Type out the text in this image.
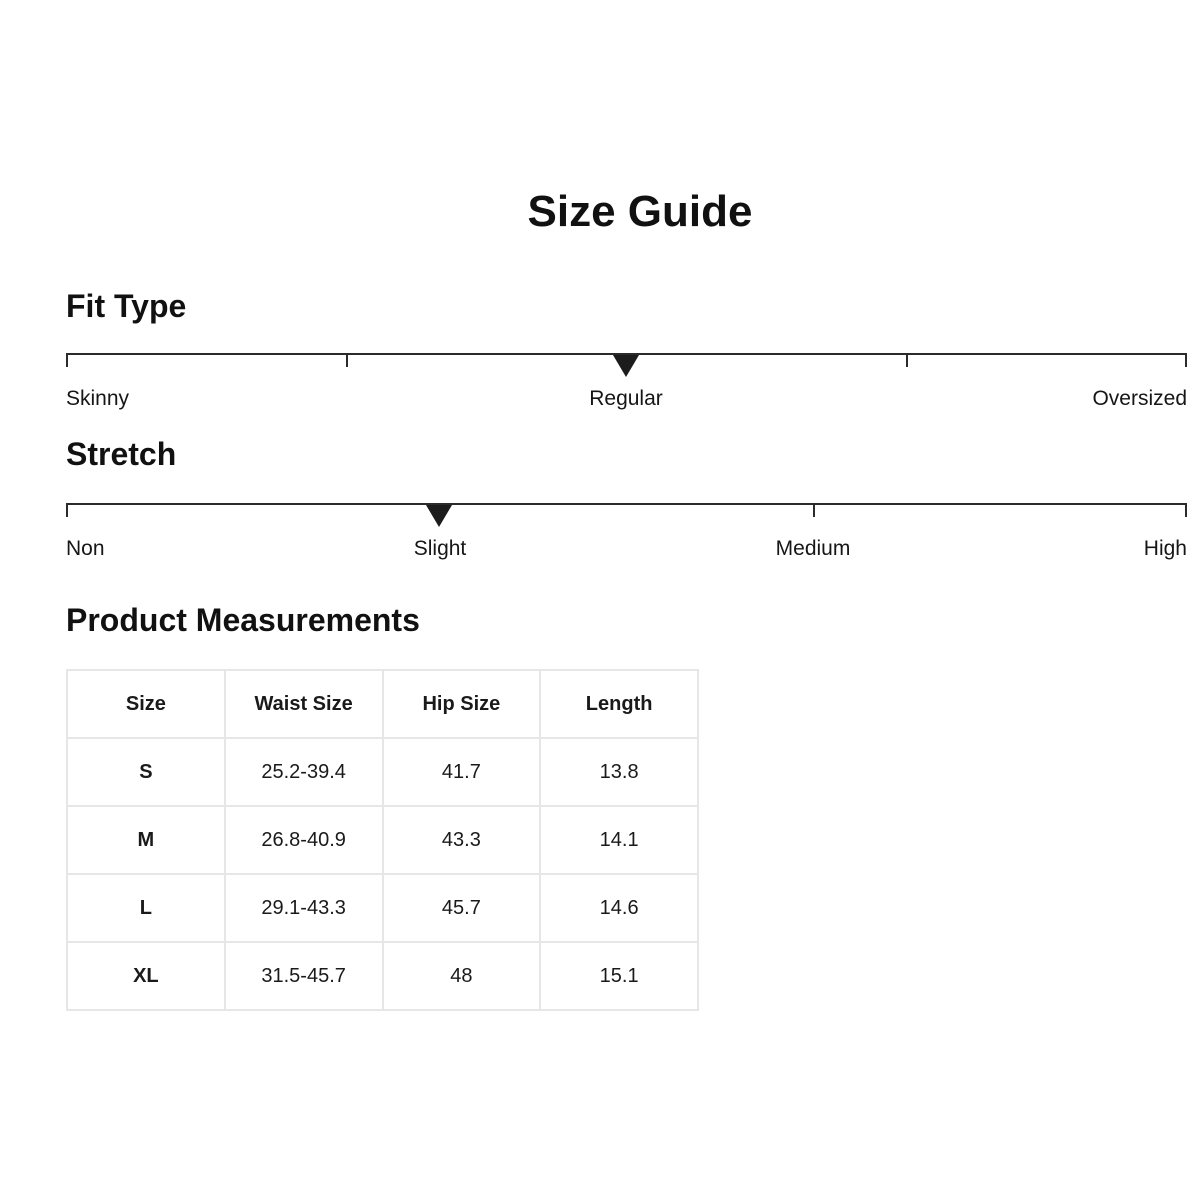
Size Guide
Fit Type
Skinny	Regular	Oversized
Stretch
Non	Slight	Medium	High
Product Measurements
Size	Waist Size	Hip Size	Length
S	25.2-39.4	41.7	13.8
M	26.8-40.9	43.3	14.1
L	29.1-43.3	45.7	14.6
XL	31.5-45.7	48	15.1
